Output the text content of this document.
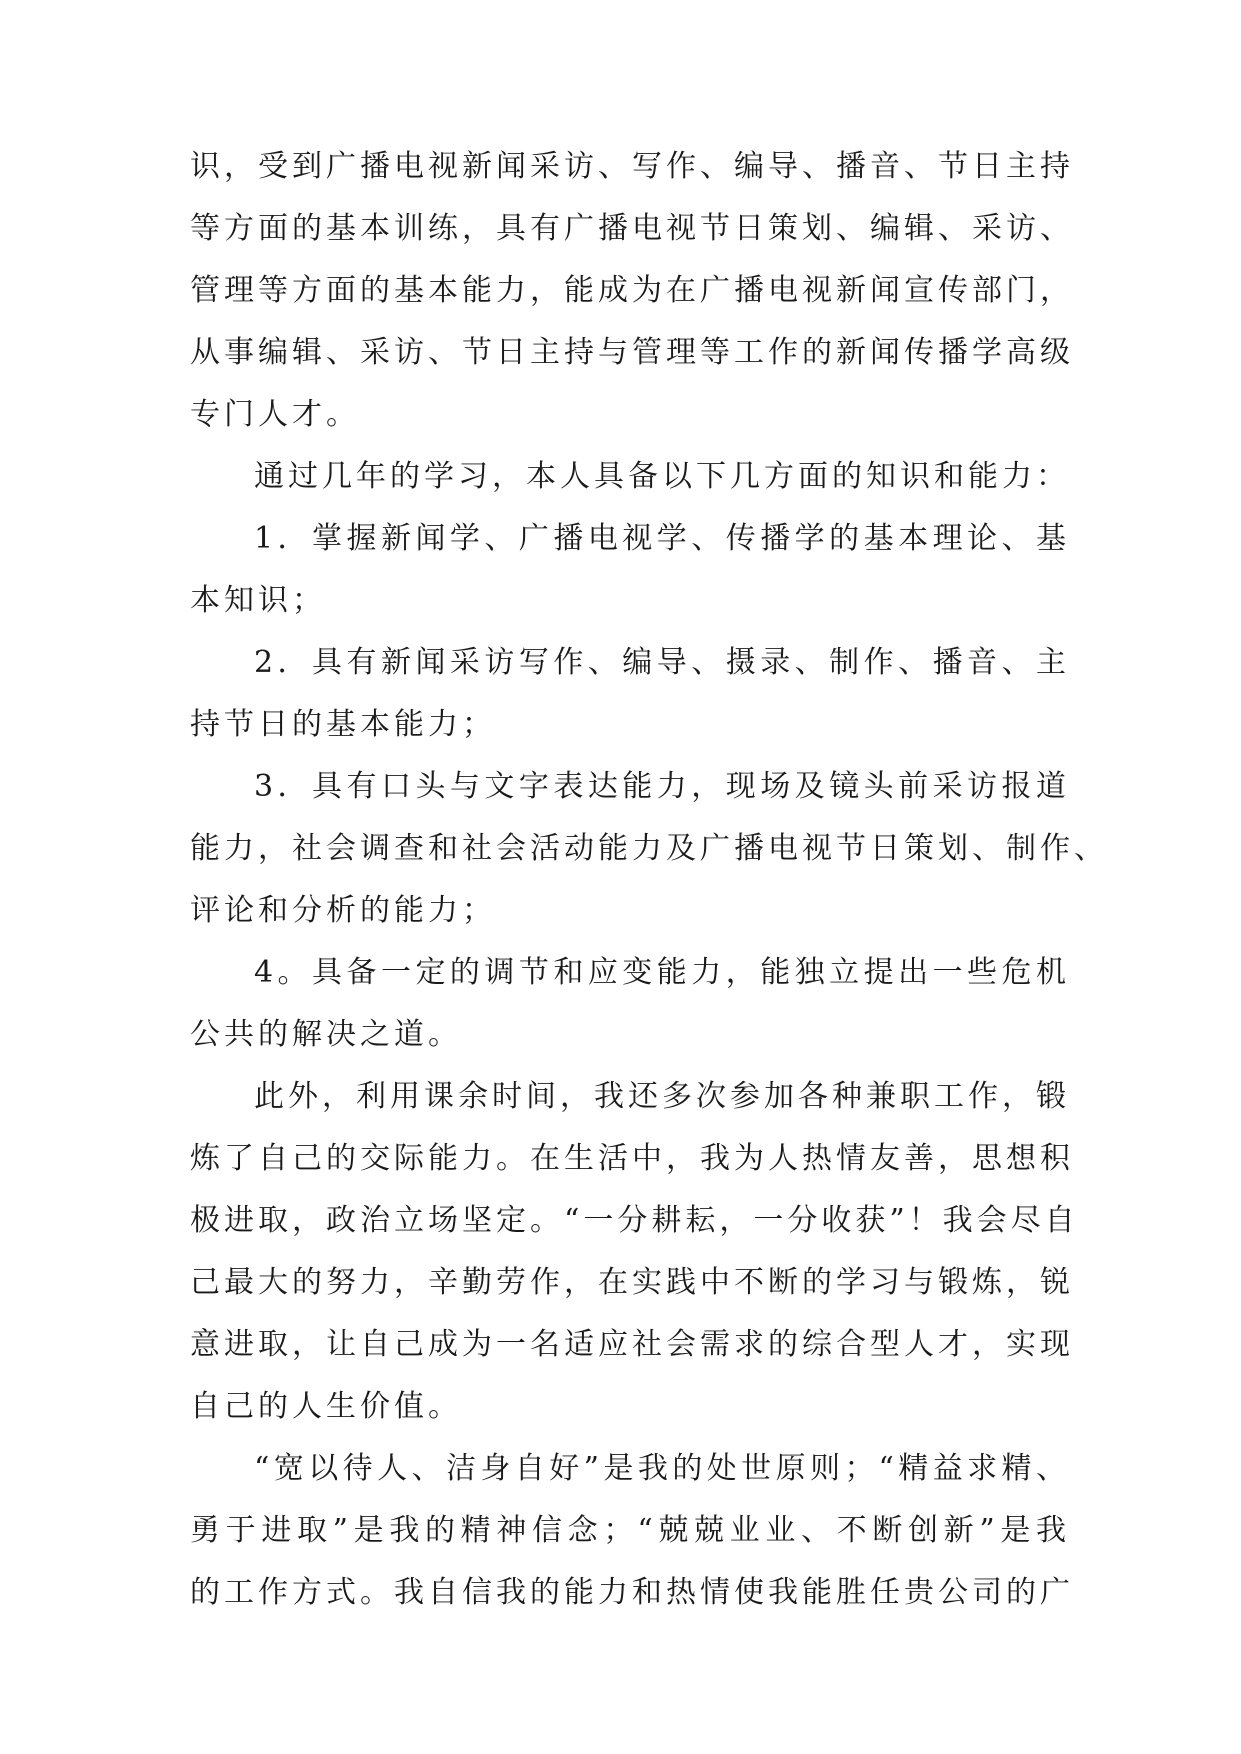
识，受到广播电视新闻采访、写作、编导、播音、节日主持
等方面的基本训练，具有广播电视节日策划、编辑、采访、
管理等方面的基本能力，能成为在广播电视新闻宣传部门，
从事编辑、采访、节日主持与管理等工作的新闻传播学高级
专门人才。
通过几年的学习，本人具备以下几方面的知识和能力：
1．掌握新闻学、广播电视学、传播学的基本理论、基
本知识；
2．具有新闻采访写作、编导、摄录、制作、播音、主
持节日的基本能力；
3．具有口头与文字表达能力，现场及镜头前采访报道
能力，社会调查和社会活动能力及广播电视节日策划、制作、
评论和分析的能力；
4。具备一定的调节和应变能力，能独立提出一些危机
公共的解决之道。
此外，利用课余时间，我还多次参加各种兼职工作，锻
炼了自己的交际能力。在生活中，我为人热情友善，思想积
极进取，政治立场坚定。“一分耕耘，一分收获”！我会尽自
己最大的努力，辛勤劳作，在实践中不断的学习与锻炼，锐
意进取，让自己成为一名适应社会需求的综合型人才，实现
自己的人生价值。
“宽以待人、洁身自好”是我的处世原则；“精益求精、
勇于进取”是我的精神信念；“兢兢业业、不断创新”是我
的工作方式。我自信我的能力和热情使我能胜任贵公司的广
